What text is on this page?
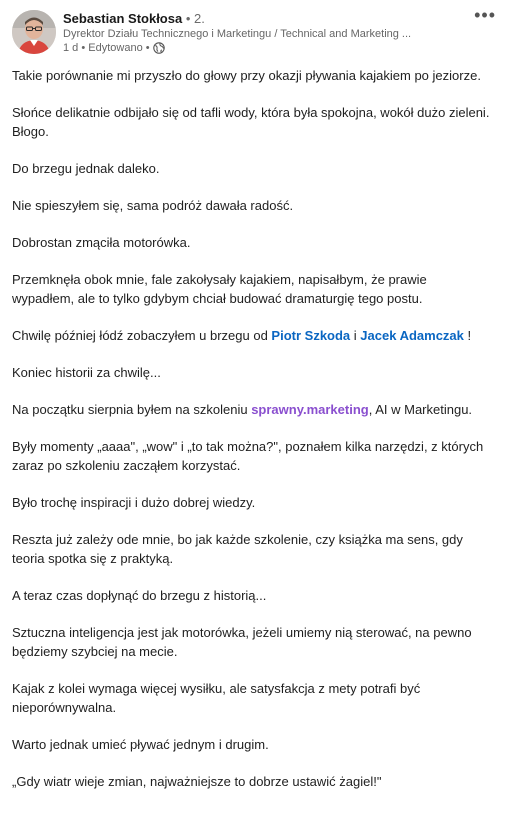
Sebastian Stokłosa • 2.
Dyrektor Działu Technicznego i Marketingu / Technical and Marketing ...
1 d • Edytowano •
•••

Takie porównanie mi przyszło do głowy przy okazji pływania kajakiem po jeziorze.

Słońce delikatnie odbijało się od tafli wody, która była spokojna, wokół dużo zieleni. Błogo.

Do brzegu jednak daleko.

Nie spieszyłem się, sama podróż dawała radość.

Dobrostan zmąciła motorówka.

Przemknęła obok mnie, fale zakołysały kajakiem, napisałbym, że prawie wypadłem, ale to tylko gdybym chciał budować dramaturgię tego postu.

Chwilę później łódź zobaczyłem u brzegu od Piotr Szkoda i Jacek Adamczak !

Koniec historii za chwilę...

Na początku sierpnia byłem na szkoleniu sprawny.marketing, AI w Marketingu.

Były momenty „aaaa", „wow" i „to tak można?", poznałem kilka narzędzi, z których zaraz po szkoleniu zacząłem korzystać.

Było trochę inspiracji i dużo dobrej wiedzy.

Reszta już zależy ode mnie, bo jak każde szkolenie, czy książka ma sens, gdy teoria spotka się z praktyką.

A teraz czas dopłynąć do brzegu z historią...

Sztuczna inteligencja jest jak motorówka, jeżeli umiemy nią sterować, na pewno będziemy szybciej na mecie.

Kajak z kolei wymaga więcej wysiłku, ale satysfakcja z mety potrafi być nieporównywalna.

Warto jednak umieć pływać jednym i drugim.

„Gdy wiatr wieje zmian, najważniejsze to dobrze ustawić żagiel!"
